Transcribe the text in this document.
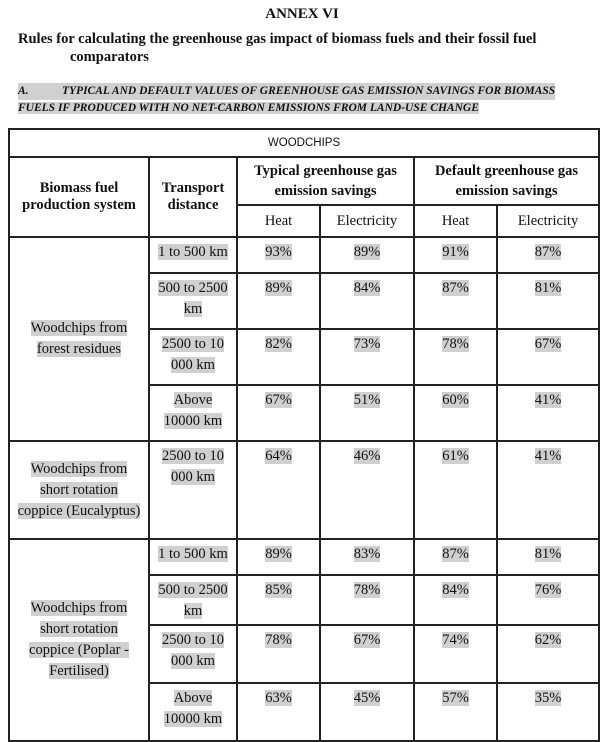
ANNEX VI
Rules for calculating the greenhouse gas impact of biomass fuels and their fossil fuel
comparators
A.	TYPICAL AND DEFAULT VALUES OF GREENHOUSE GAS EMISSION SAVINGS FOR BIOMASS
FUELS IF PRODUCED WITH NO NET-CARBON EMISSIONS FROM LAND-USE CHANGE
WOODCHIPS					
Biomass fuel production system	Transport distance	Typical greenhouse gas emission savings		Default greenhouse gas emission savings	
		Heat	Electricity	Heat	Electricity
Woodchips from forest residues	1 to 500 km	93%	89%	91%	87%
	500 to 2500 km	89%	84%	87%	81%
	2500 to 10 000 km	82%	73%	78%	67%
	Above 10000 km	67%	51%	60%	41%
Woodchips from short rotation coppice (Eucalyptus)	2500 to 10 000 km	64%	46%	61%	41%
Woodchips from short rotation coppice (Poplar - Fertilised)	1 to 500 km	89%	83%	87%	81%
	500 to 2500 km	85%	78%	84%	76%
	2500 to 10 000 km	78%	67%	74%	62%
	Above 10000 km	63%	45%	57%	35%
